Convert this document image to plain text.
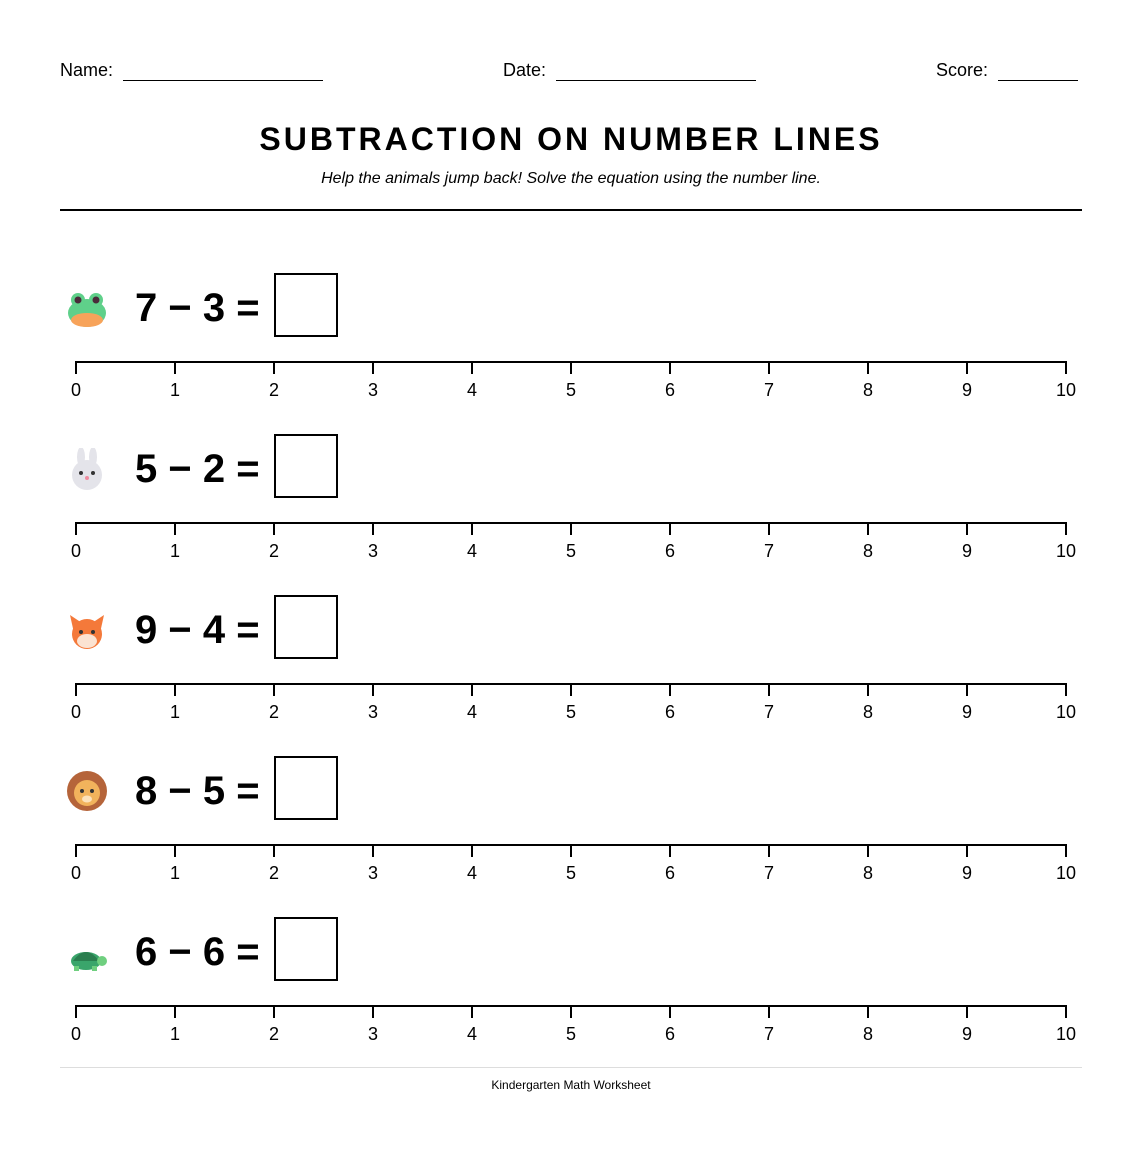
Name:	Date:	Score:
SUBTRACTION ON NUMBER LINES
Help the animals jump back! Solve the equation using the number line.
7 − 3 =
0	1	2	3	4	5	6	7	8	9	10
5 − 2 =
0	1	2	3	4	5	6	7	8	9	10
9 − 4 =
0	1	2	3	4	5	6	7	8	9	10
8 − 5 =
0	1	2	3	4	5	6	7	8	9	10
6 − 6 =
0	1	2	3	4	5	6	7	8	9	10
Kindergarten Math Worksheet
